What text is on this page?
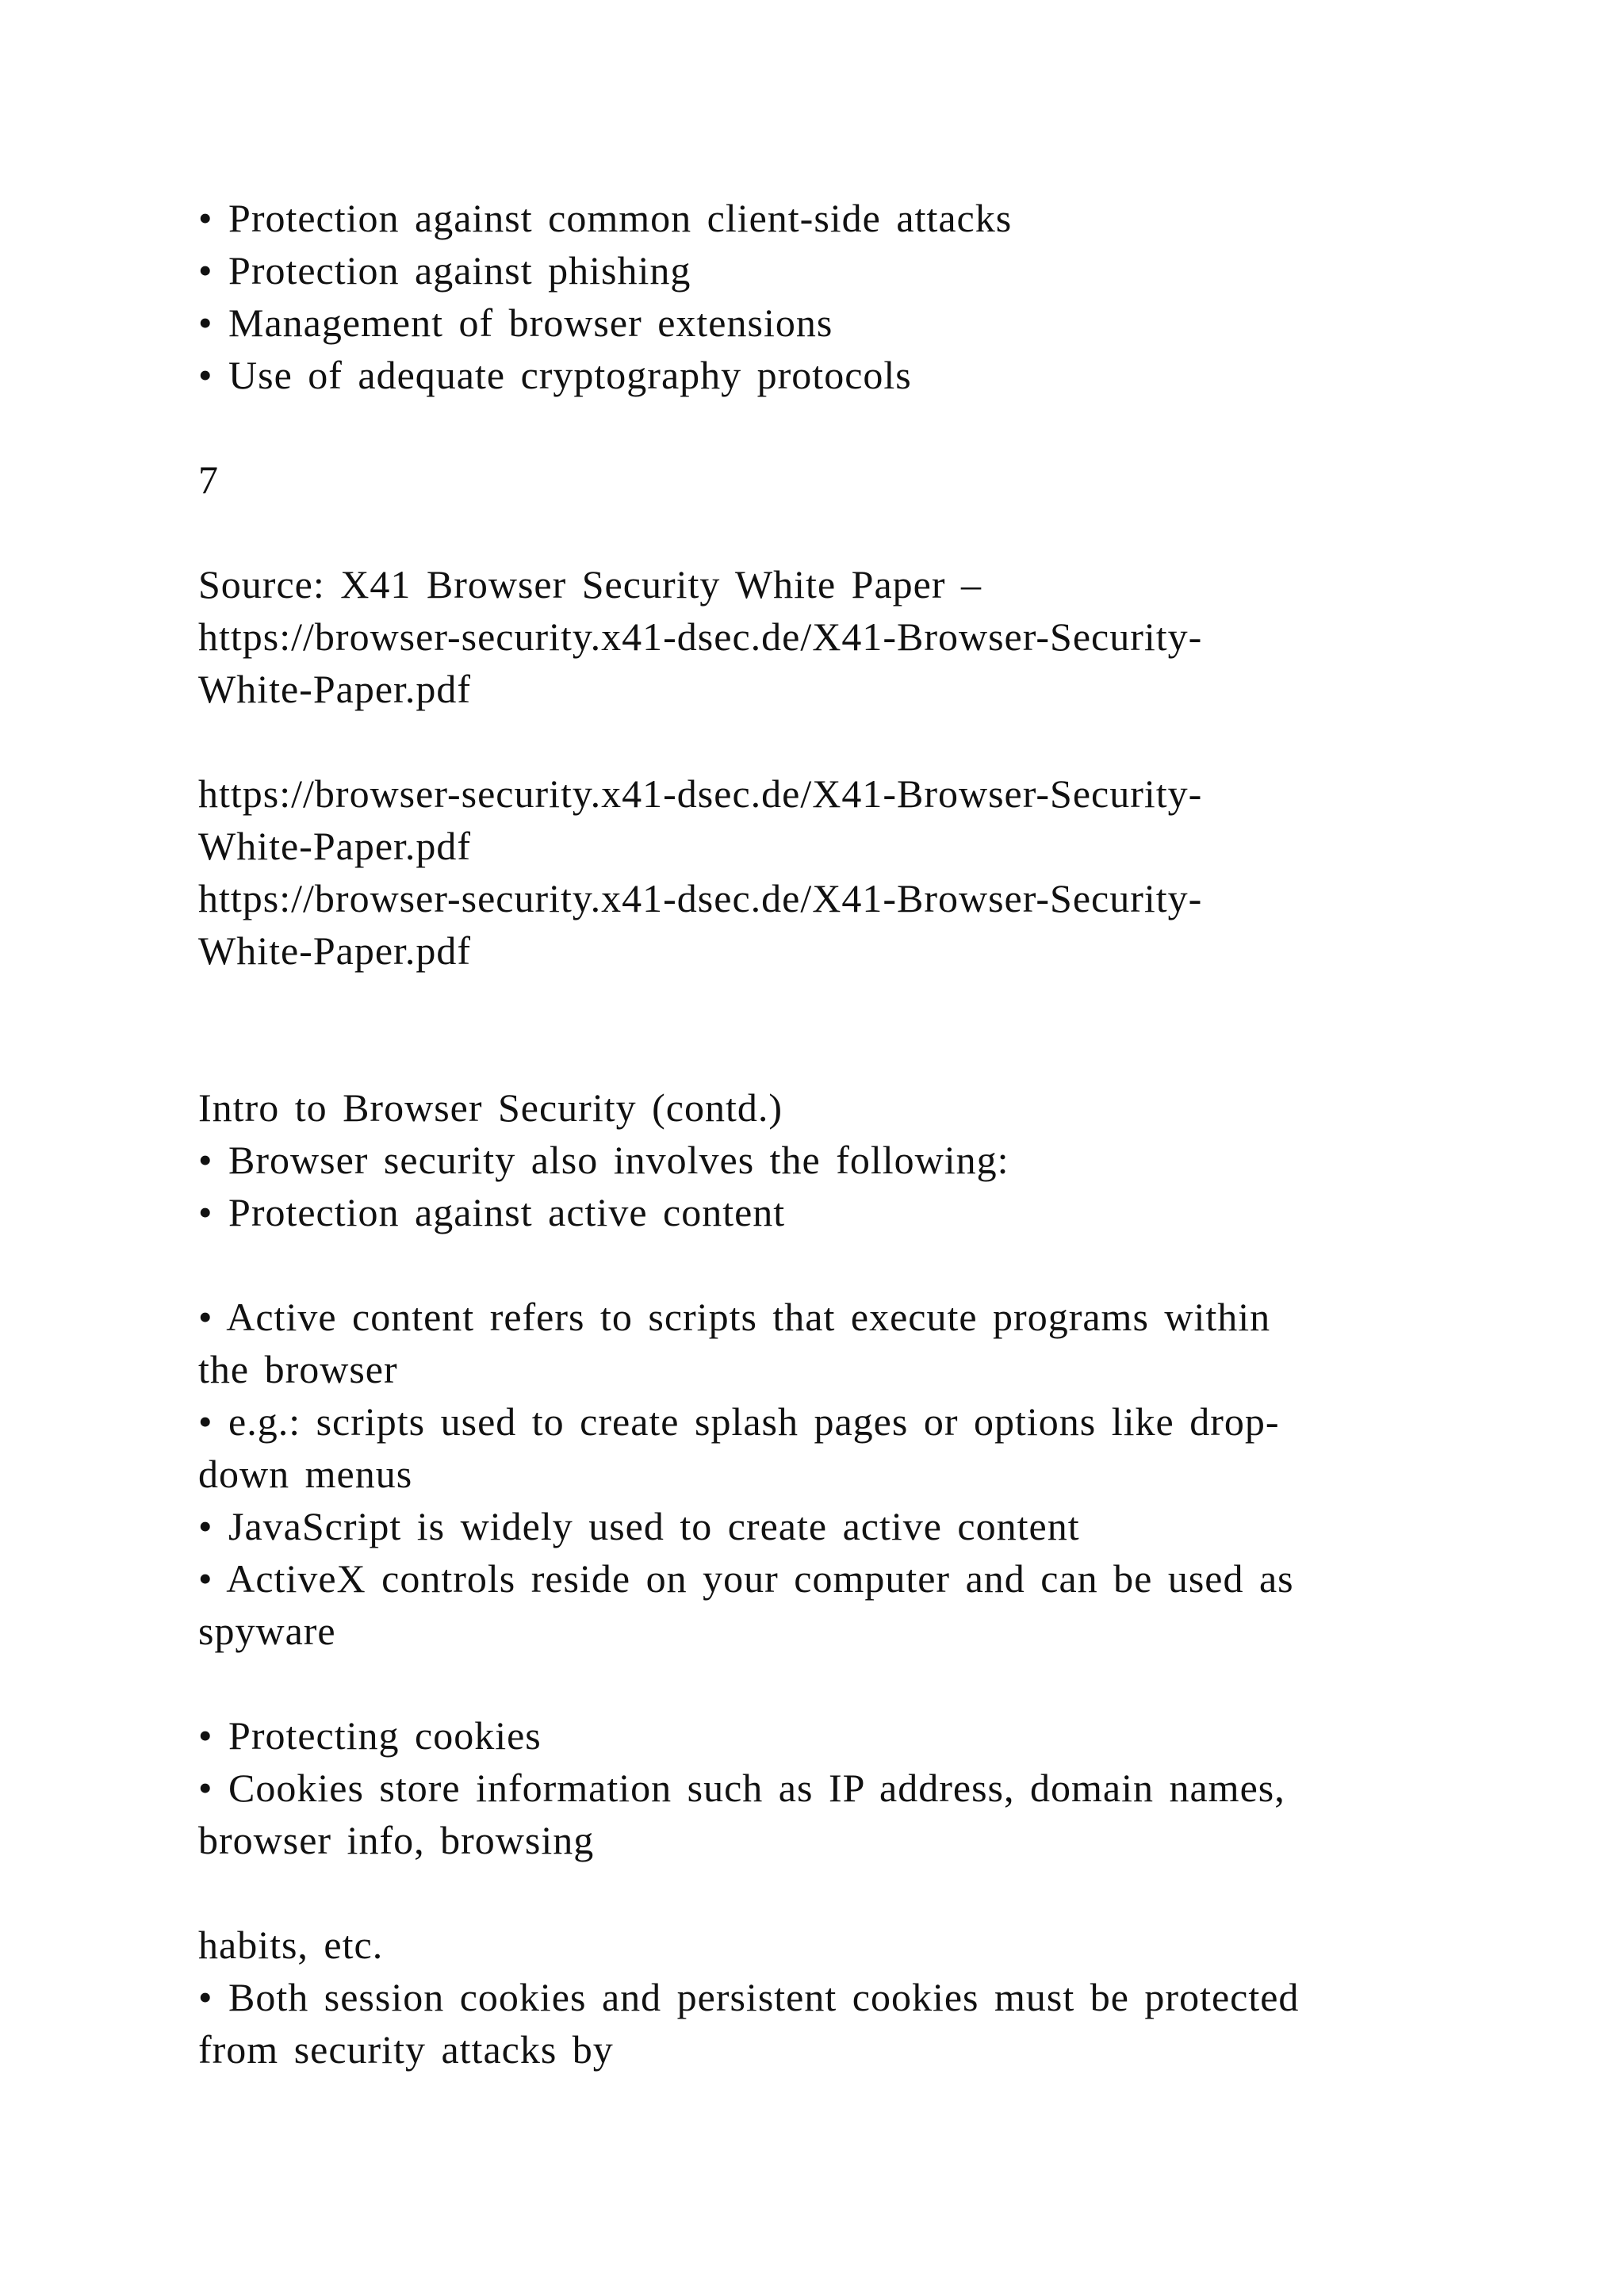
• Protection against common client-side attacks
• Protection against phishing
• Management of browser extensions
• Use of adequate cryptography protocols
7
Source: X41 Browser Security White Paper –
https://browser-security.x41-dsec.de/X41-Browser-Security-
White-Paper.pdf
https://browser-security.x41-dsec.de/X41-Browser-Security-
White-Paper.pdf
https://browser-security.x41-dsec.de/X41-Browser-Security-
White-Paper.pdf
Intro to Browser Security (contd.)
• Browser security also involves the following:
• Protection against active content
• Active content refers to scripts that execute programs within
the browser
• e.g.: scripts used to create splash pages or options like drop-
down menus
• JavaScript is widely used to create active content
• ActiveX controls reside on your computer and can be used as
spyware
• Protecting cookies
• Cookies store information such as IP address, domain names,
browser info, browsing
habits, etc.
• Both session cookies and persistent cookies must be protected
from security attacks by
